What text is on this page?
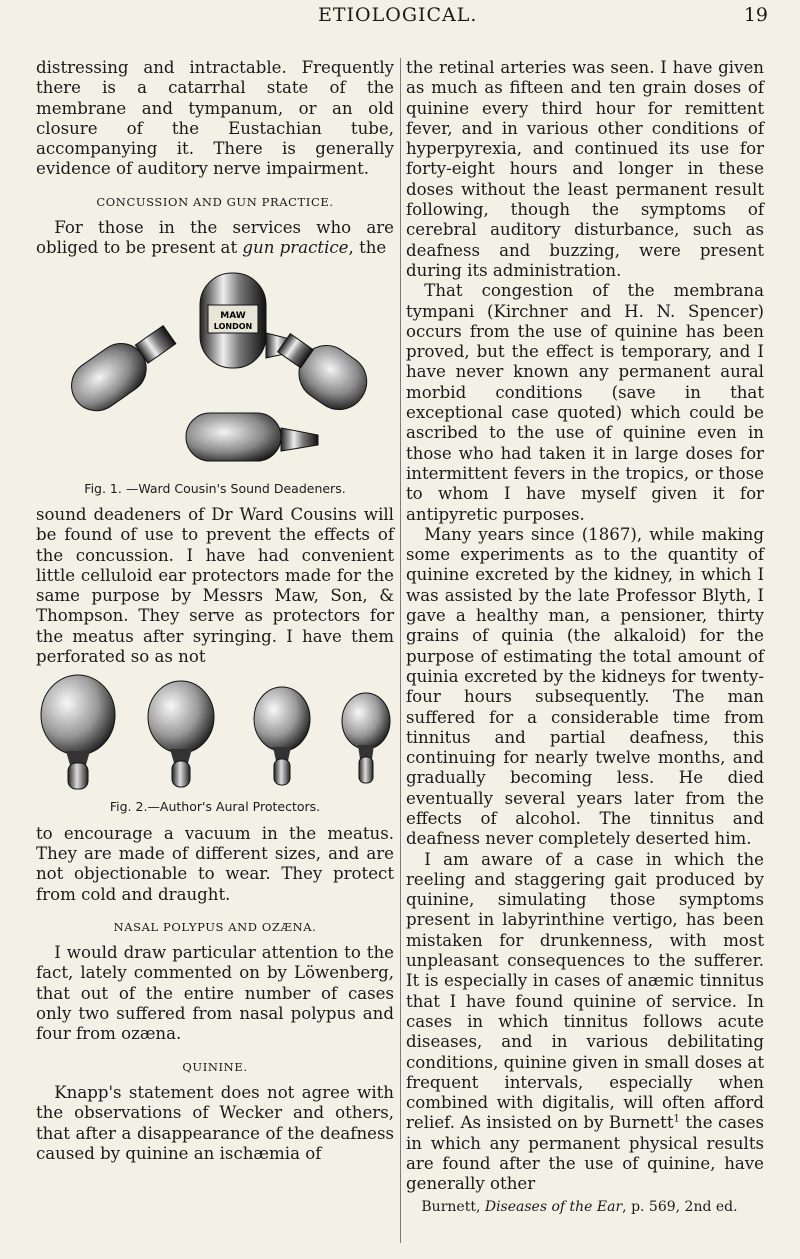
ETIOLOGICAL.	19

distressing and intractable. Frequently there is a catarrhal state of the membrane and tympanum, or an old closure of the Eustachian tube, accompanying it. There is generally evidence of auditory nerve impairment.

CONCUSSION AND GUN PRACTICE.

For those in the services who are obliged to be present at gun practice, the

MAW
LONDON

Fig. 1. —Ward Cousin's Sound Deadeners.

sound deadeners of Dr Ward Cousins will be found of use to prevent the effects of the concussion. I have had convenient little celluloid ear protectors made for the same purpose by Messrs Maw, Son, & Thompson. They serve as protectors for the meatus after syringing. I have them perforated so as not

Fig. 2.—Author's Aural Protectors.

to encourage a vacuum in the meatus. They are made of different sizes, and are not objectionable to wear. They protect from cold and draught.

NASAL POLYPUS AND OZÆNA.

I would draw particular attention to the fact, lately commented on by Löwenberg, that out of the entire number of cases only two suffered from nasal polypus and four from ozæna.

QUININE.

Knapp's statement does not agree with the observations of Wecker and others, that after a disappearance of the deafness caused by quinine an ischæmia of

the retinal arteries was seen. I have given as much as fifteen and ten grain doses of quinine every third hour for remittent fever, and in various other conditions of hyperpyrexia, and continued its use for forty-eight hours and longer in these doses without the least permanent result following, though the symptoms of cerebral auditory disturbance, such as deafness and buzzing, were present during its administration.

That congestion of the membrana tympani (Kirchner and H. N. Spencer) occurs from the use of quinine has been proved, but the effect is temporary, and I have never known any permanent aural morbid conditions (save in that exceptional case quoted) which could be ascribed to the use of quinine even in those who had taken it in large doses for intermittent fevers in the tropics, or those to whom I have myself given it for antipyretic purposes.

Many years since (1867), while making some experiments as to the quantity of quinine excreted by the kidney, in which I was assisted by the late Professor Blyth, I gave a healthy man, a pensioner, thirty grains of quinia (the alkaloid) for the purpose of estimating the total amount of quinia excreted by the kidneys for twenty-four hours subsequently. The man suffered for a considerable time from tinnitus and partial deafness, this continuing for nearly twelve months, and gradually becoming less. He died eventually several years later from the effects of alcohol. The tinnitus and deafness never completely deserted him.

I am aware of a case in which the reeling and staggering gait produced by quinine, simulating those symptoms present in labyrinthine vertigo, has been mistaken for drunkenness, with most unpleasant consequences to the sufferer. It is especially in cases of anæmic tinnitus that I have found quinine of service. In cases in which tinnitus follows acute diseases, and in various debilitating conditions, quinine given in small doses at frequent intervals, especially when combined with digitalis, will often afford relief. As insisted on by Burnett$^1$ the cases in which any permanent physical results are found after the use of quinine, have generally other

Burnett, Diseases of the Ear, p. 569, 2nd ed.
